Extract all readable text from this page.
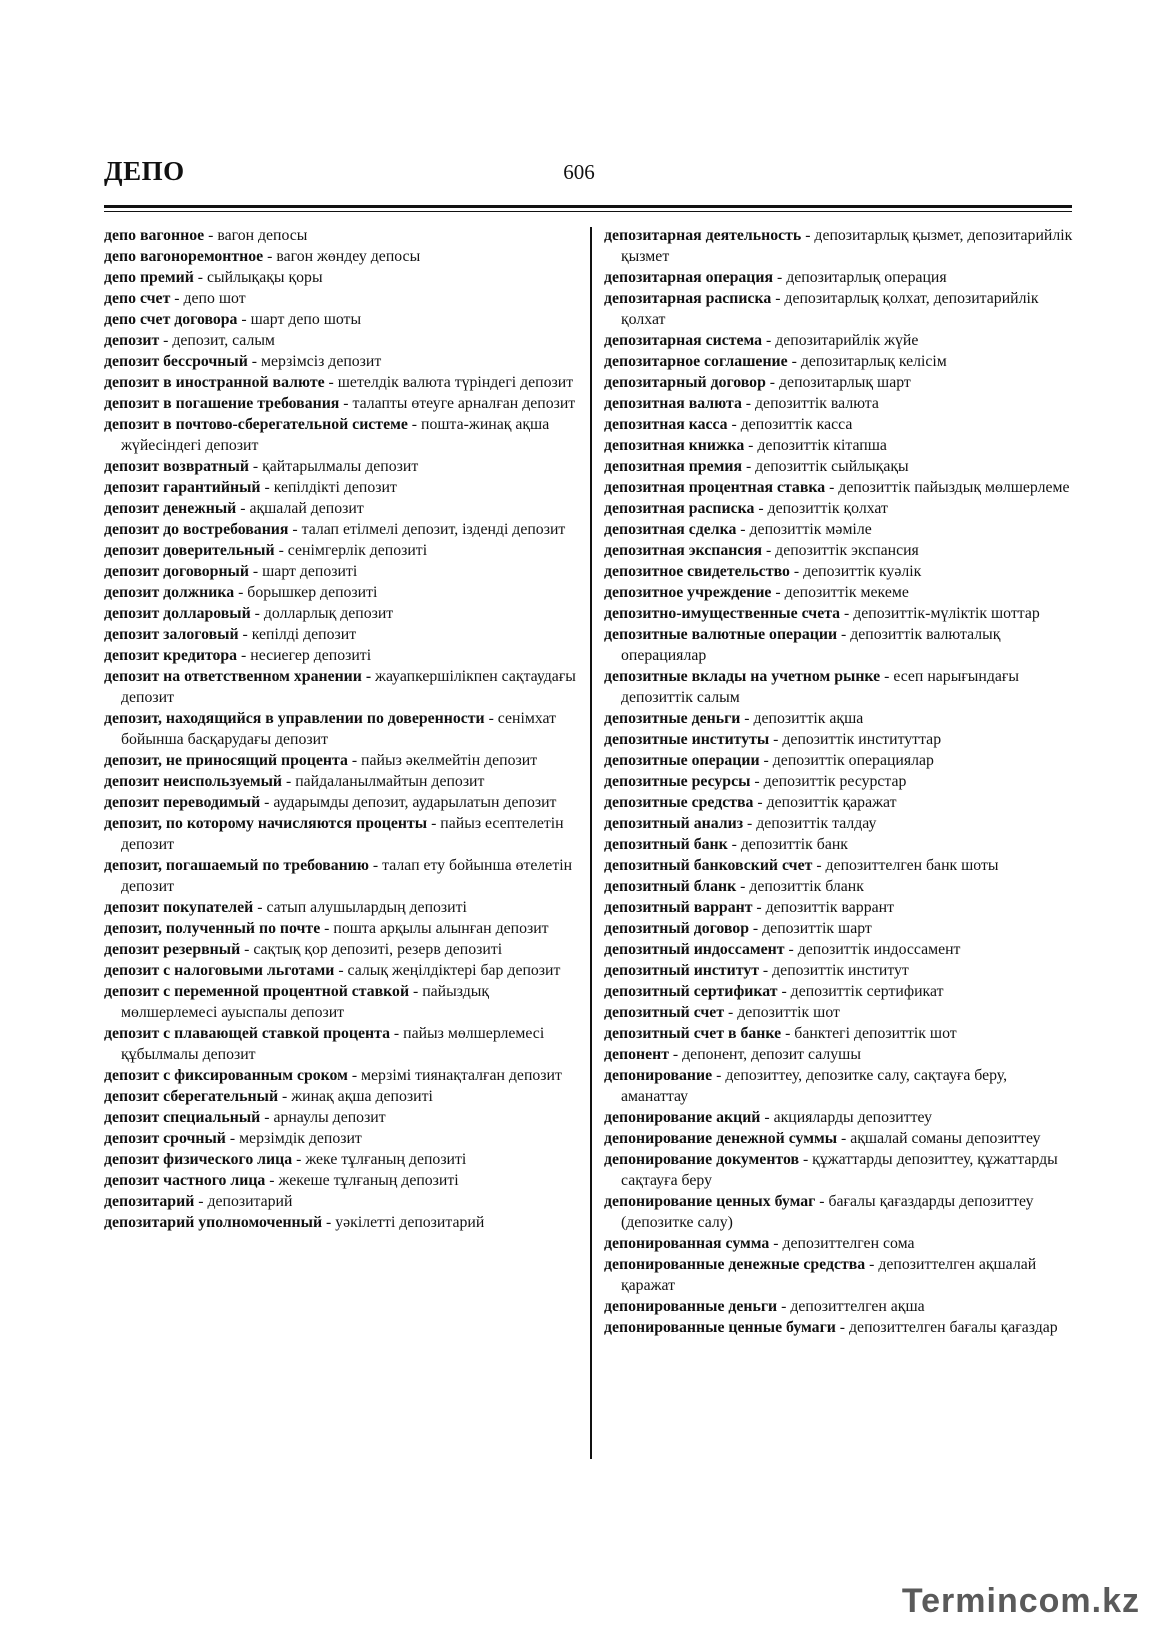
ДЕПО	606

депо вагонное - вагон депосы

депо вагоноремонтное - вагон жөндеу депосы

депо премий - сыйлықақы қоры

депо счет - депо шот

депо счет договора - шарт депо шоты

депозит - депозит, салым

депозит бессрочный - мерзімсіз депозит

депозит в иностранной валюте - шетелдік валюта түріндегі депозит

депозит в погашение требования - талапты өтеуге арналған депозит

депозит в почтово-сберегательной системе - пошта-жинақ ақша жүйесіндегі депозит

депозит возвратный - қайтарылмалы депозит

депозит гарантийный - кепілдікті депозит

депозит денежный - ақшалай депозит

депозит до востребования - талап етілмелі депозит, ізденді депозит

депозит доверительный - сенімгерлік депозиті

депозит договорный - шарт депозиті

депозит должника - борышкер депозиті

депозит долларовый - долларлық депозит

депозит залоговый - кепілді депозит

депозит кредитора - несиегер депозиті

депозит на ответственном хранении - жауапкершілікпен сақтаудағы депозит

депозит, находящийся в управлении по доверенности - сенімхат бойынша басқарудағы депозит

депозит, не приносящий процента - пайыз әкелмейтін депозит

депозит неиспользуемый - пайдаланылмайтын депозит

депозит переводимый - аударымды депозит, аударылатын депозит

депозит, по которому начисляются проценты - пайыз есептелетін депозит

депозит, погашаемый по требованию - талап ету бойынша өтелетін депозит

депозит покупателей - сатып алушылардың депозиті

депозит, полученный по почте - пошта арқылы алынған депозит

депозит резервный - сақтық қор депозиті, резерв депозиті

депозит с налоговыми льготами - салық жеңілдіктері бар депозит

депозит с переменной процентной ставкой - пайыздық мөлшерлемесі ауыспалы депозит

депозит с плавающей ставкой процента - пайыз мөлшерлемесі құбылмалы депозит

депозит с фиксированным сроком - мерзімі тиянақталған депозит

депозит сберегательный - жинақ ақша депозиті

депозит специальный - арнаулы депозит

депозит срочный - мерзімдік депозит

депозит физического лица - жеке тұлғаның депозиті

депозит частного лица - жекеше тұлғаның депозиті

депозитарий - депозитарий

депозитарий уполномоченный - уәкілетті депозитарий

депозитарная деятельность - депозитарлық қызмет, депозитарийлік қызмет

депозитарная операция - депозитарлық операция

депозитарная расписка - депозитарлық қолхат, депозитарийлік қолхат

депозитарная система - депозитарийлік жүйе

депозитарное соглашение - депозитарлық келісім

депозитарный договор - депозитарлық шарт

депозитная валюта - депозиттік валюта

депозитная касса - депозиттік касса

депозитная книжка - депозиттік кітапша

депозитная премия - депозиттік сыйлықақы

депозитная процентная ставка - депозиттік пайыздық мөлшерлеме

депозитная расписка - депозиттік қолхат

депозитная сделка - депозиттік мәміле

депозитная экспансия - депозиттік экспансия

депозитное свидетельство - депозиттік куәлік

депозитное учреждение - депозиттік мекеме

депозитно-имущественные счета - депозиттік-мүліктік шоттар

депозитные валютные операции - депозиттік валюталық операциялар

депозитные вклады на учетном рынке - есеп нарығындағы депозиттік салым

депозитные деньги - депозиттік ақша

депозитные институты - депозиттік институттар

депозитные операции - депозиттік операциялар

депозитные ресурсы - депозиттік ресурстар

депозитные средства - депозиттік қаражат

депозитный анализ - депозиттік талдау

депозитный банк - депозиттік банк

депозитный банковский счет - депозиттелген банк шоты

депозитный бланк - депозиттік бланк

депозитный варрант - депозиттік варрант

депозитный договор - депозиттік шарт

депозитный индоссамент - депозиттік индоссамент

депозитный институт - депозиттік институт

депозитный сертификат - депозиттік сертификат

депозитный счет - депозиттік шот

депозитный счет в банке - банктегі депозиттік шот

депонент - депонент, депозит салушы

депонирование - депозиттеу, депозитке салу, сақтауға беру, аманаттау

депонирование акций - акцияларды депозиттеу

депонирование денежной суммы - ақшалай соманы депозиттеу

депонирование документов - құжаттарды депозиттеу, құжаттарды сақтауға беру

депонирование ценных бумаг - бағалы қағаздарды депозиттеу (депозитке салу)

депонированная сумма - депозиттелген сома

депонированные денежные средства - депозиттелген ақшалай қаражат

депонированные деньги - депозиттелген ақша

депонированные ценные бумаги - депозиттелген бағалы қағаздар

Termincom.kz
